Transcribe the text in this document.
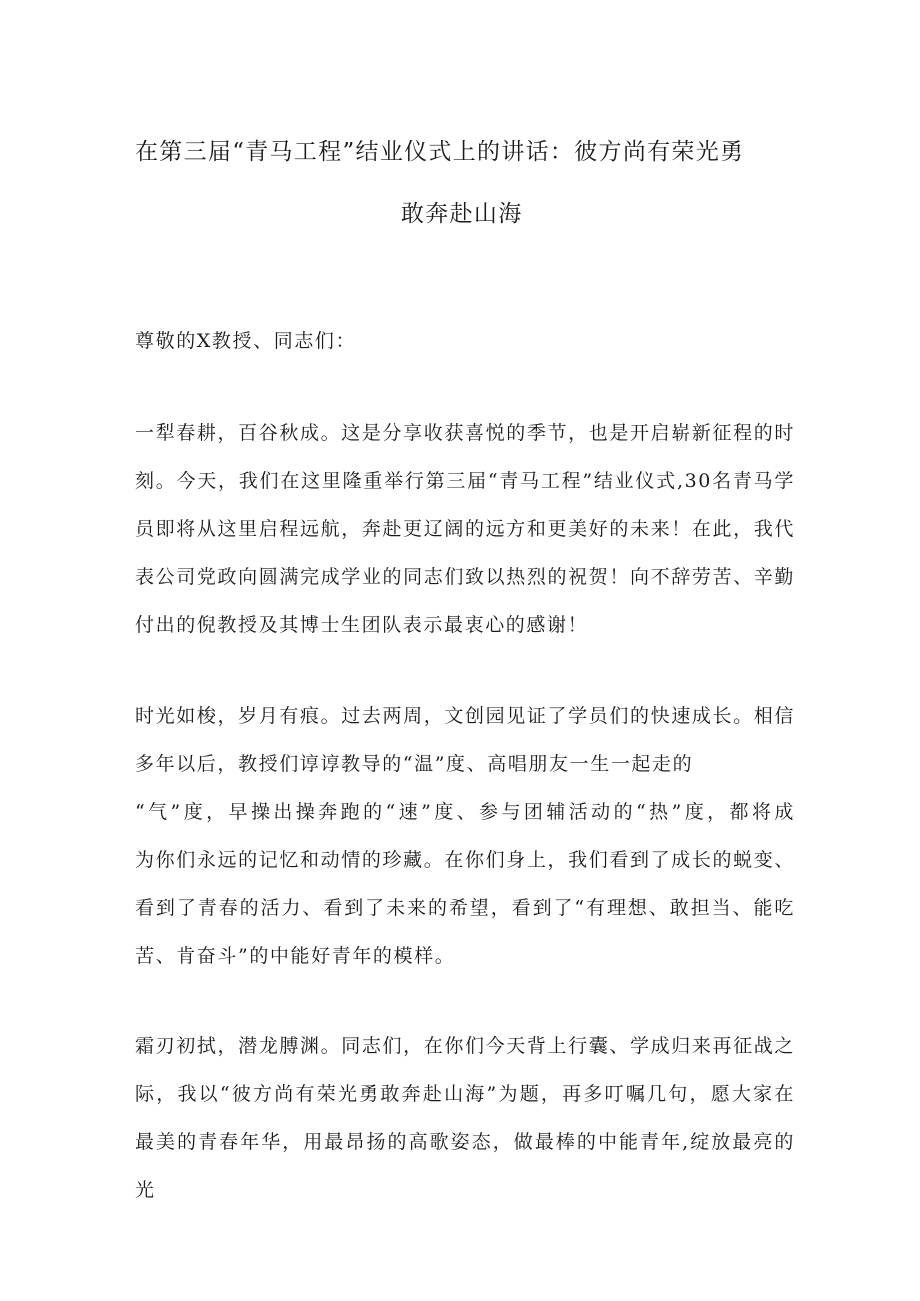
在第三届“青马工程”结业仪式上的讲话：彼方尚有荣光勇
敢奔赴山海

尊敬的X教授、同志们：

一犁春耕，百谷秋成。这是分享收获喜悦的季节，也是开启崭新征程的时
刻。今天，我们在这里隆重举行第三届“青马工程”结业仪式,30名青马学
员即将从这里启程远航，奔赴更辽阔的远方和更美好的未来！在此，我代
表公司党政向圆满完成学业的同志们致以热烈的祝贺！向不辞劳苦、辛勤
付出的倪教授及其博士生团队表示最衷心的感谢！
时光如梭，岁月有痕。过去两周，文创园见证了学员们的快速成长。相信
多年以后，教授们谆谆教导的“温”度、高唱朋友一生一起走的
“气”度，早操出操奔跑的“速”度、参与团辅活动的“热”度，都将成
为你们永远的记忆和动情的珍藏。在你们身上，我们看到了成长的蜕变、
看到了青春的活力、看到了未来的希望，看到了“有理想、敢担当、能吃
苦、肯奋斗”的中能好青年的模样。
霜刃初拭，潜龙膊渊。同志们，在你们今天背上行囊、学成归来再征战之
际，我以“彼方尚有荣光勇敢奔赴山海”为题，再多叮嘱几句，愿大家在
最美的青春年华，用最昂扬的高歌姿态，做最棒的中能青年,绽放最亮的光
